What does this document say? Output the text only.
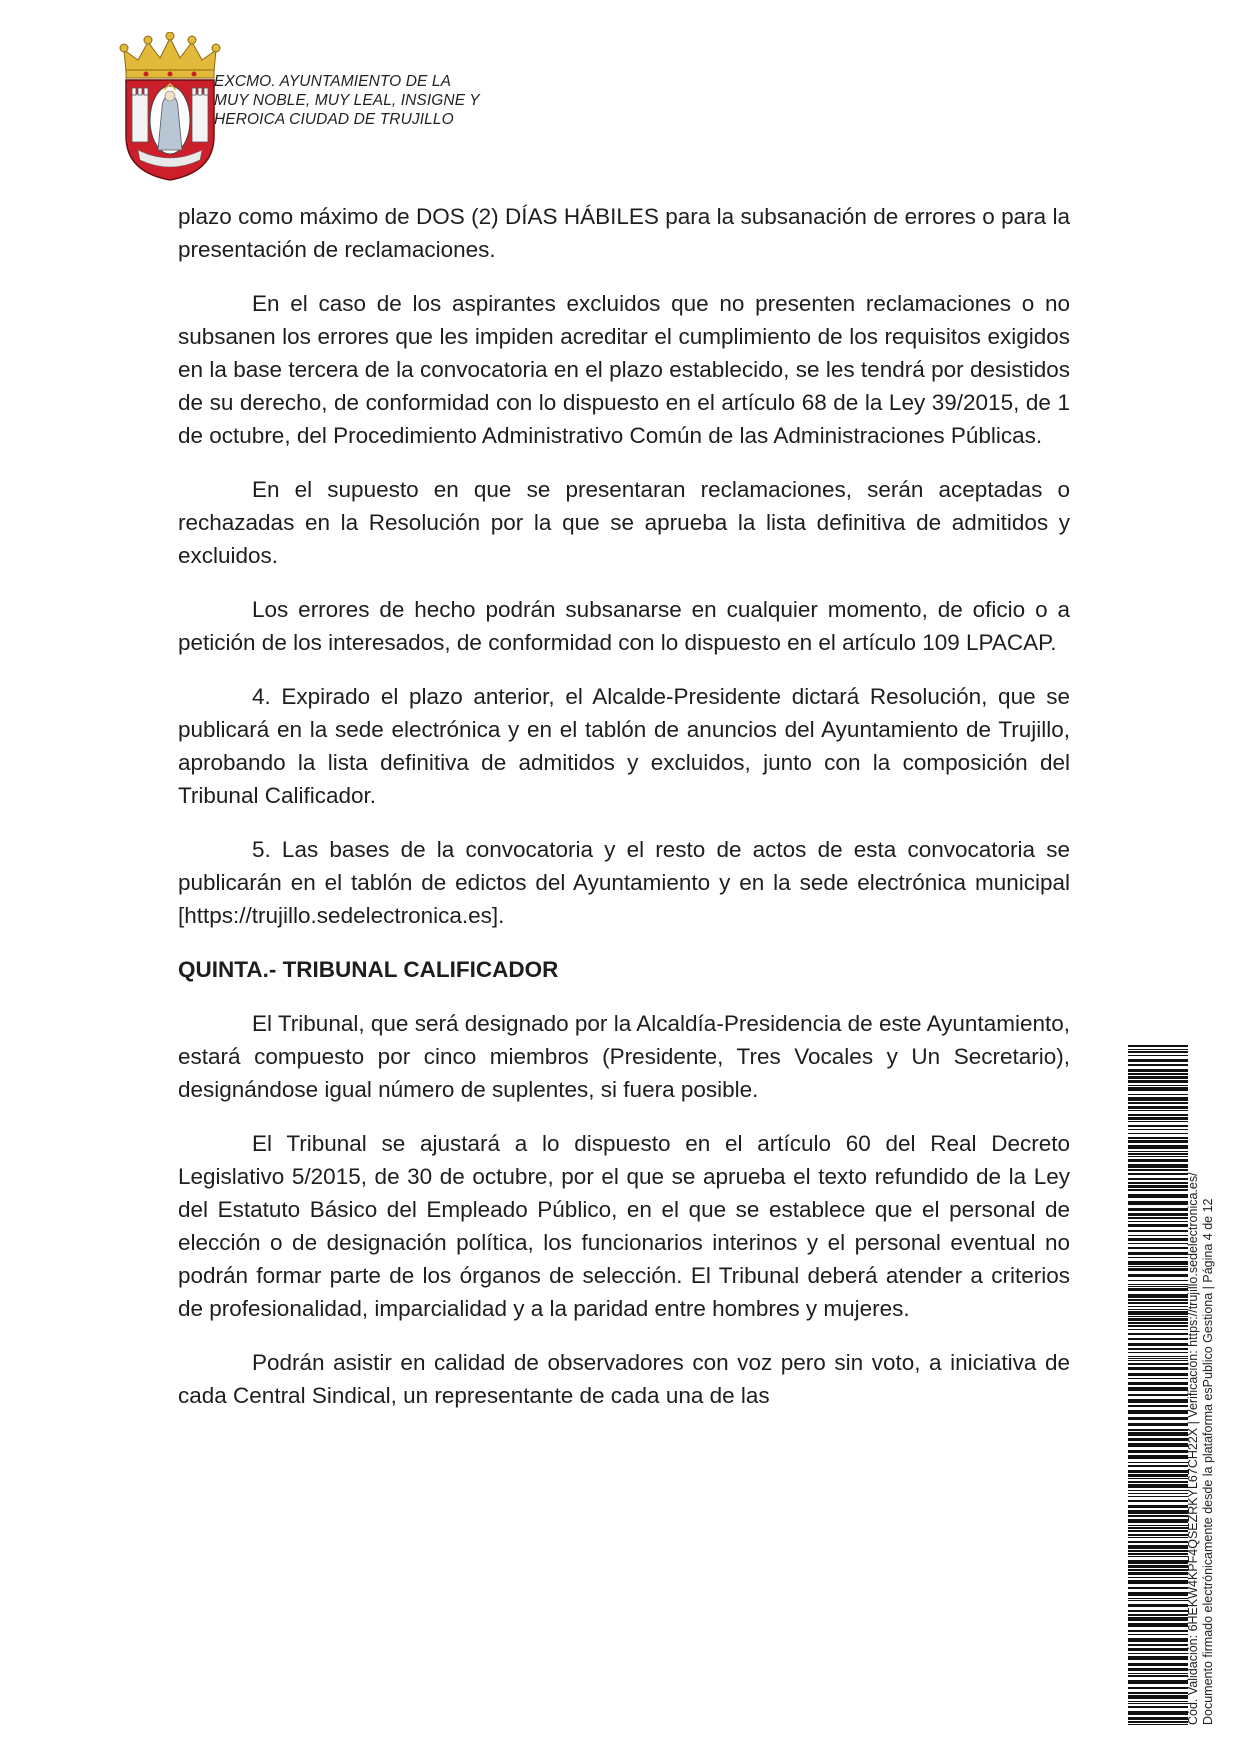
EXCMO. AYUNTAMIENTO DE LA
MUY NOBLE, MUY LEAL, INSIGNE Y
HEROICA CIUDAD DE TRUJILLO

plazo como máximo de DOS (2) DÍAS HÁBILES para la subsanación de errores o para la presentación de reclamaciones.

En el caso de los aspirantes excluidos que no presenten reclamaciones o no subsanen los errores que les impiden acreditar el cumplimiento de los requisitos exigidos en la base tercera de la convocatoria en el plazo establecido, se les tendrá por desistidos de su derecho, de conformidad con lo dispuesto en el artículo 68 de la Ley 39/2015, de 1 de octubre, del Procedimiento Administrativo Común de las Administraciones Públicas.

En el supuesto en que se presentaran reclamaciones, serán aceptadas o rechazadas en la Resolución por la que se aprueba la lista definitiva de admitidos y excluidos.

Los errores de hecho podrán subsanarse en cualquier momento, de oficio o a petición de los interesados, de conformidad con lo dispuesto en el artículo 109 LPACAP.

4. Expirado el plazo anterior, el Alcalde-Presidente dictará Resolución, que se publicará en la sede electrónica y en el tablón de anuncios del Ayuntamiento de Trujillo, aprobando la lista definitiva de admitidos y excluidos, junto con la composición del Tribunal Calificador.

5. Las bases de la convocatoria y el resto de actos de esta convocatoria se publicarán en el tablón de edictos del Ayuntamiento y en la sede electrónica municipal [https://trujillo.sedelectronica.es].

QUINTA.- TRIBUNAL CALIFICADOR

El Tribunal, que será designado por la Alcaldía-Presidencia de este Ayuntamiento, estará compuesto por cinco miembros (Presidente, Tres Vocales y Un Secretario), designándose igual número de suplentes, si fuera posible.

El Tribunal se ajustará a lo dispuesto en el artículo 60 del Real Decreto Legislativo 5/2015, de 30 de octubre, por el que se aprueba el texto refundido de la Ley del Estatuto Básico del Empleado Público, en el que se establece que el personal de elección o de designación política, los funcionarios interinos y el personal eventual no podrán formar parte de los órganos de selección. El Tribunal deberá atender a criterios de profesionalidad, imparcialidad y a la paridad entre hombres y mujeres.

Podrán asistir en calidad de observadores con voz pero sin voto, a iniciativa de cada Central Sindical, un representante de cada una de las	Cód. Validación: 6HEKW4KPF4QSEZRKYL67CH22X | Verificación: https://trujillo.sedelectronica.es/ Documento firmado electrónicamente desde la plataforma esPublico Gestiona | Página 4 de 12
